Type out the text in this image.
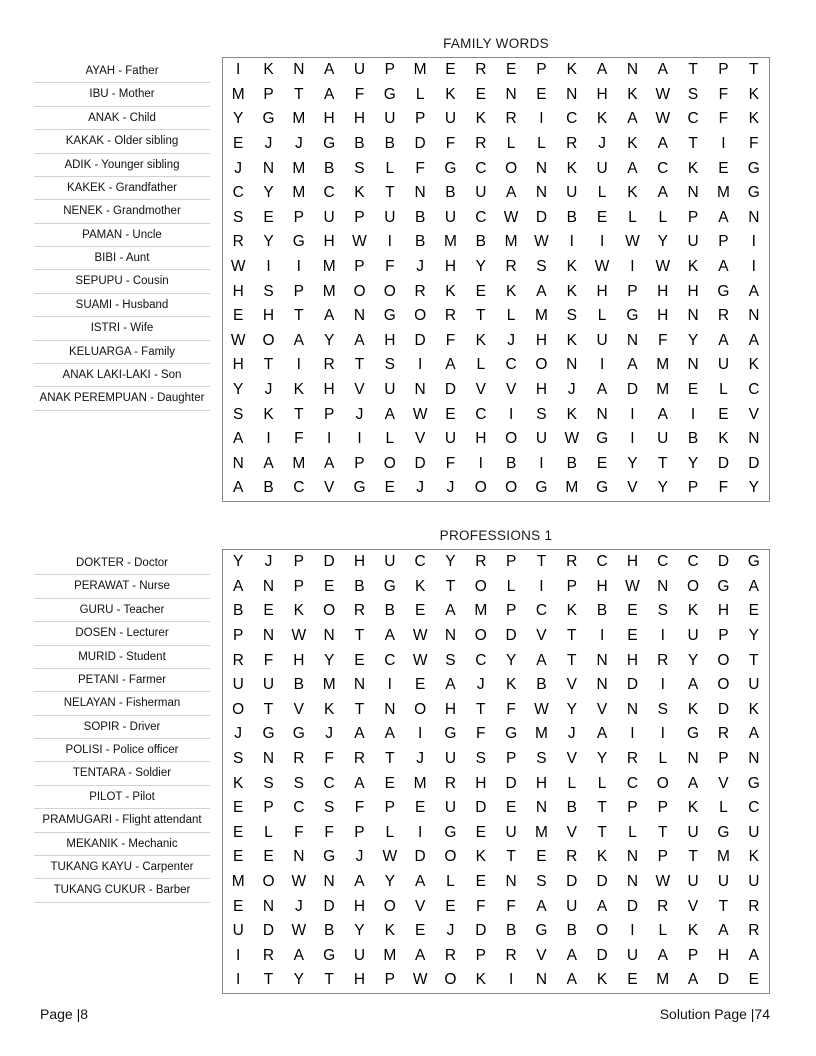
FAMILY WORDS
AYAH - Father
IBU - Mother
ANAK - Child
KAKAK - Older sibling
ADIK - Younger sibling
KAKEK - Grandfather
NENEK - Grandmother
PAMAN - Uncle
BIBI - Aunt
SEPUPU - Cousin
SUAMI - Husband
ISTRI - Wife
KELUARGA - Family
ANAK LAKI-LAKI - Son
ANAK PEREMPUAN - Daughter
I	K	N	A	U	P	M	E	R	E	P	K	A	N	A	T	P	T
M	P	T	A	F	G	L	K	E	N	E	N	H	K	W	S	F	K
Y	G	M	H	H	U	P	U	K	R	I	C	K	A	W	C	F	K
E	J	J	G	B	B	D	F	R	L	L	R	J	K	A	T	I	F
J	N	M	B	S	L	F	G	C	O	N	K	U	A	C	K	E	G
C	Y	M	C	K	T	N	B	U	A	N	U	L	K	A	N	M	G
S	E	P	U	P	U	B	U	C	W	D	B	E	L	L	P	A	N
R	Y	G	H	W	I	B	M	B	M	W	I	I	W	Y	U	P	I
W	I	I	M	P	F	J	H	Y	R	S	K	W	I	W	K	A	I
H	S	P	M	O	O	R	K	E	K	A	K	H	P	H	H	G	A
E	H	T	A	N	G	O	R	T	L	M	S	L	G	H	N	R	N
W	O	A	Y	A	H	D	F	K	J	H	K	U	N	F	Y	A	A
H	T	I	R	T	S	I	A	L	C	O	N	I	A	M	N	U	K
Y	J	K	H	V	U	N	D	V	V	H	J	A	D	M	E	L	C
S	K	T	P	J	A	W	E	C	I	S	K	N	I	A	I	E	V
A	I	F	I	I	L	V	U	H	O	U	W	G	I	U	B	K	N
N	A	M	A	P	O	D	F	I	B	I	B	E	Y	T	Y	D	D
A	B	C	V	G	E	J	J	O	O	G	M	G	V	Y	P	F	Y
PROFESSIONS 1
DOKTER - Doctor
PERAWAT - Nurse
GURU - Teacher
DOSEN - Lecturer
MURID - Student
PETANI - Farmer
NELAYAN - Fisherman
SOPIR - Driver
POLISI - Police officer
TENTARA - Soldier
PILOT - Pilot
PRAMUGARI - Flight attendant
MEKANIK - Mechanic
TUKANG KAYU - Carpenter
TUKANG CUKUR - Barber
Y	J	P	D	H	U	C	Y	R	P	T	R	C	H	C	C	D	G
A	N	P	E	B	G	K	T	O	L	I	P	H	W	N	O	G	A
B	E	K	O	R	B	E	A	M	P	C	K	B	E	S	K	H	E
P	N	W	N	T	A	W	N	O	D	V	T	I	E	I	U	P	Y
R	F	H	Y	E	C	W	S	C	Y	A	T	N	H	R	Y	O	T
U	U	B	M	N	I	E	A	J	K	B	V	N	D	I	A	O	U
O	T	V	K	T	N	O	H	T	F	W	Y	V	N	S	K	D	K
J	G	G	J	A	A	I	G	F	G	M	J	A	I	I	G	R	A
S	N	R	F	R	T	J	U	S	P	S	V	Y	R	L	N	P	N
K	S	S	C	A	E	M	R	H	D	H	L	L	C	O	A	V	G
E	P	C	S	F	P	E	U	D	E	N	B	T	P	P	K	L	C
E	L	F	F	P	L	I	G	E	U	M	V	T	L	T	U	G	U
E	E	N	G	J	W	D	O	K	T	E	R	K	N	P	T	M	K
M	O	W	N	A	Y	A	L	E	N	S	D	D	N	W	U	U	U
E	N	J	D	H	O	V	E	F	F	A	U	A	D	R	V	T	R
U	D	W	B	Y	K	E	J	D	B	G	B	O	I	L	K	A	R
I	R	A	G	U	M	A	R	P	R	V	A	D	U	A	P	H	A
I	T	Y	T	H	P	W	O	K	I	N	A	K	E	M	A	D	E
Page |8	Solution Page |74
